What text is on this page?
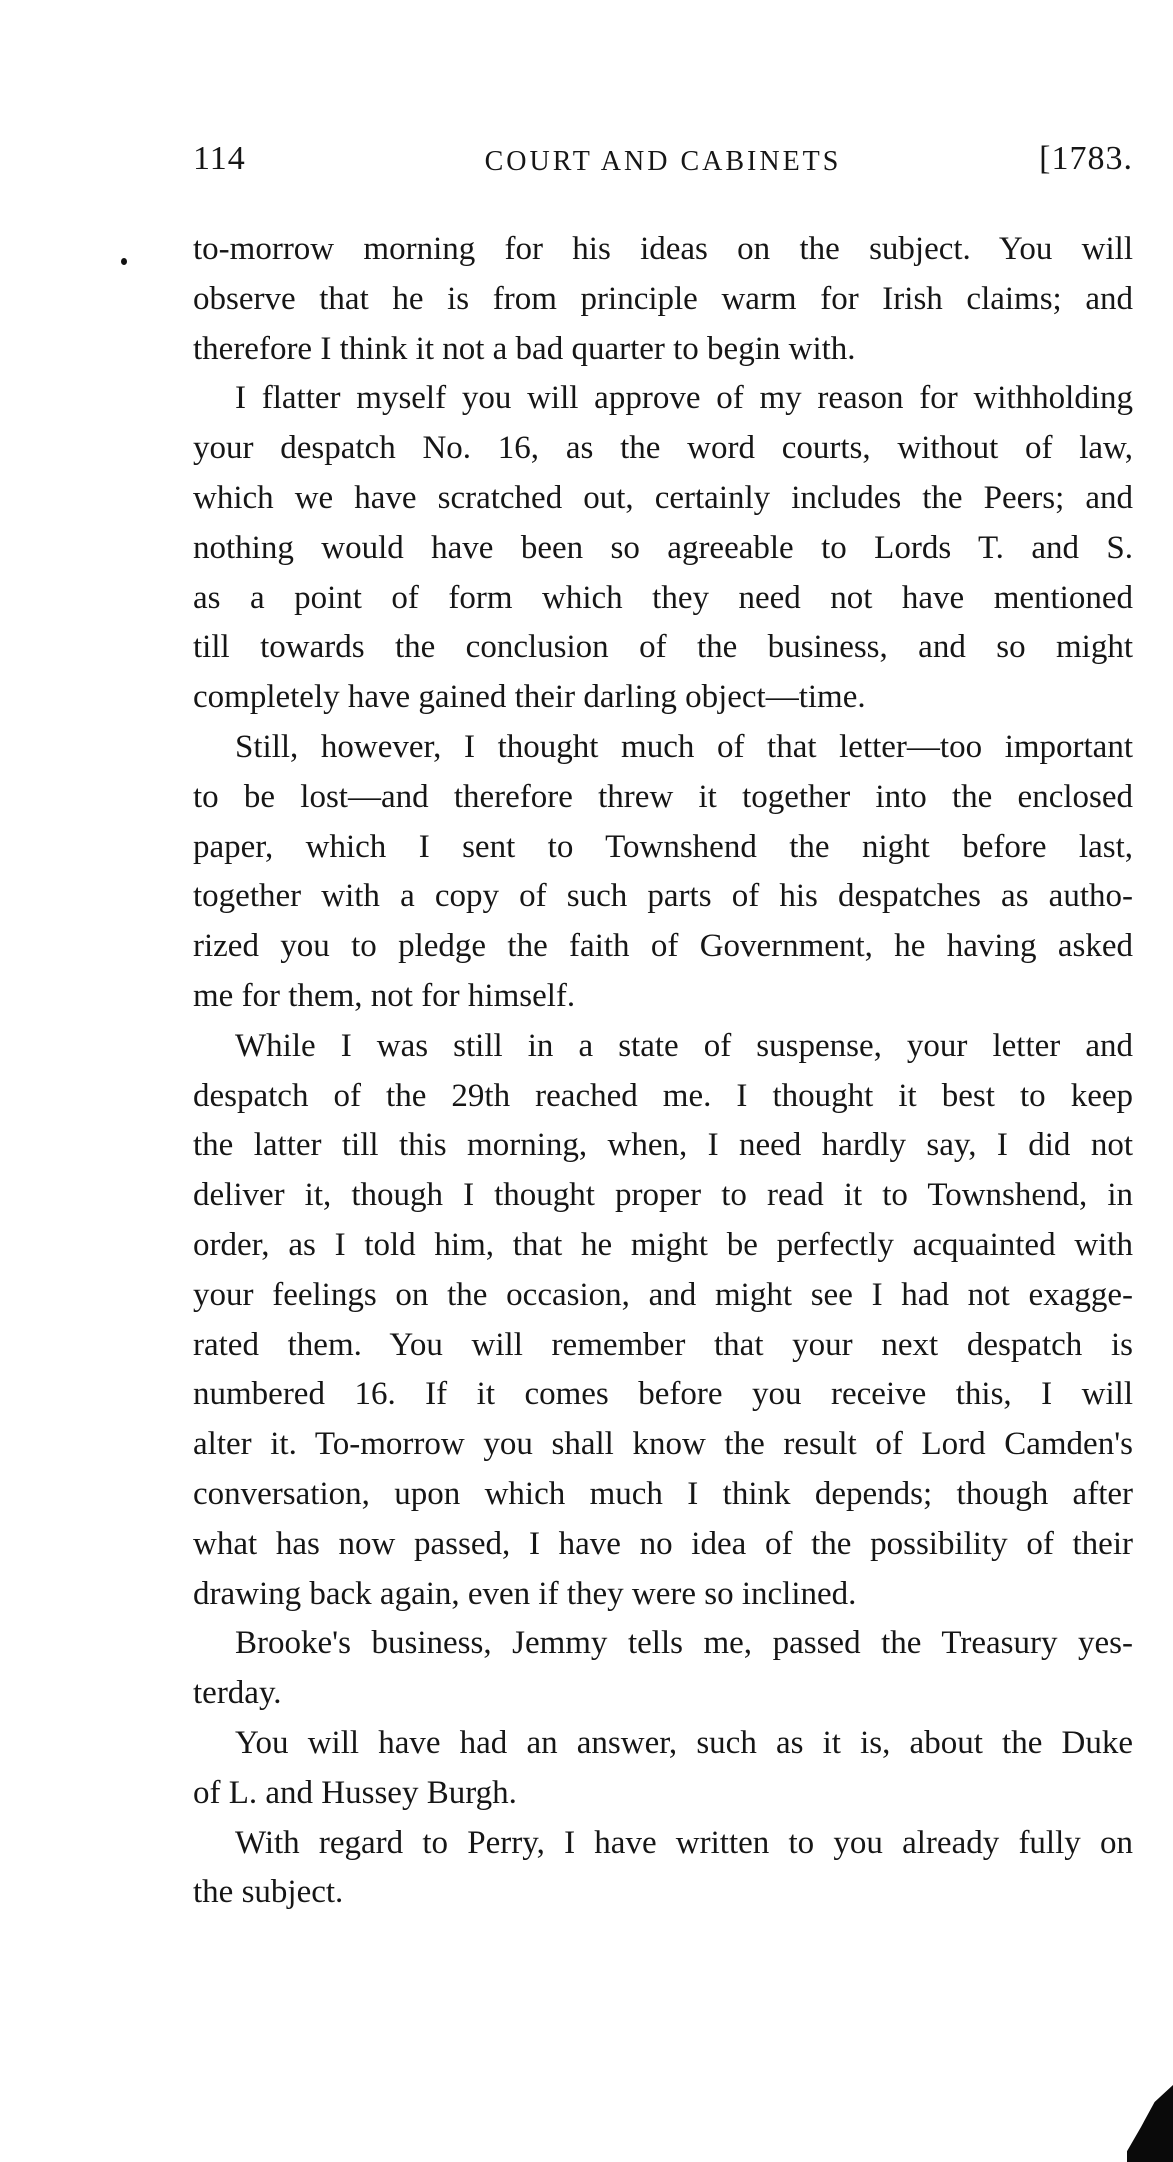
114	COURT AND CABINETS	[1783.
to-morrow morning for his ideas on the subject. You will
observe that he is from principle warm for Irish claims; and
therefore I think it not a bad quarter to begin with.
I flatter myself you will approve of my reason for withholding
your despatch No. 16, as the word courts, without of law,
which we have scratched out, certainly includes the Peers; and
nothing would have been so agreeable to Lords T. and S.
as a point of form which they need not have mentioned
till towards the conclusion of the business, and so might
completely have gained their darling object—time.
Still, however, I thought much of that letter—too important
to be lost—and therefore threw it together into the enclosed
paper, which I sent to Townshend the night before last,
together with a copy of such parts of his despatches as autho-
rized you to pledge the faith of Government, he having asked
me for them, not for himself.
While I was still in a state of suspense, your letter and
despatch of the 29th reached me. I thought it best to keep
the latter till this morning, when, I need hardly say, I did not
deliver it, though I thought proper to read it to Townshend, in
order, as I told him, that he might be perfectly acquainted with
your feelings on the occasion, and might see I had not exagge-
rated them. You will remember that your next despatch is
numbered 16. If it comes before you receive this, I will
alter it. To-morrow you shall know the result of Lord Camden's
conversation, upon which much I think depends; though after
what has now passed, I have no idea of the possibility of their
drawing back again, even if they were so inclined.
Brooke's business, Jemmy tells me, passed the Treasury yes-
terday.
You will have had an answer, such as it is, about the Duke
of L. and Hussey Burgh.
With regard to Perry, I have written to you already fully on
the subject.
